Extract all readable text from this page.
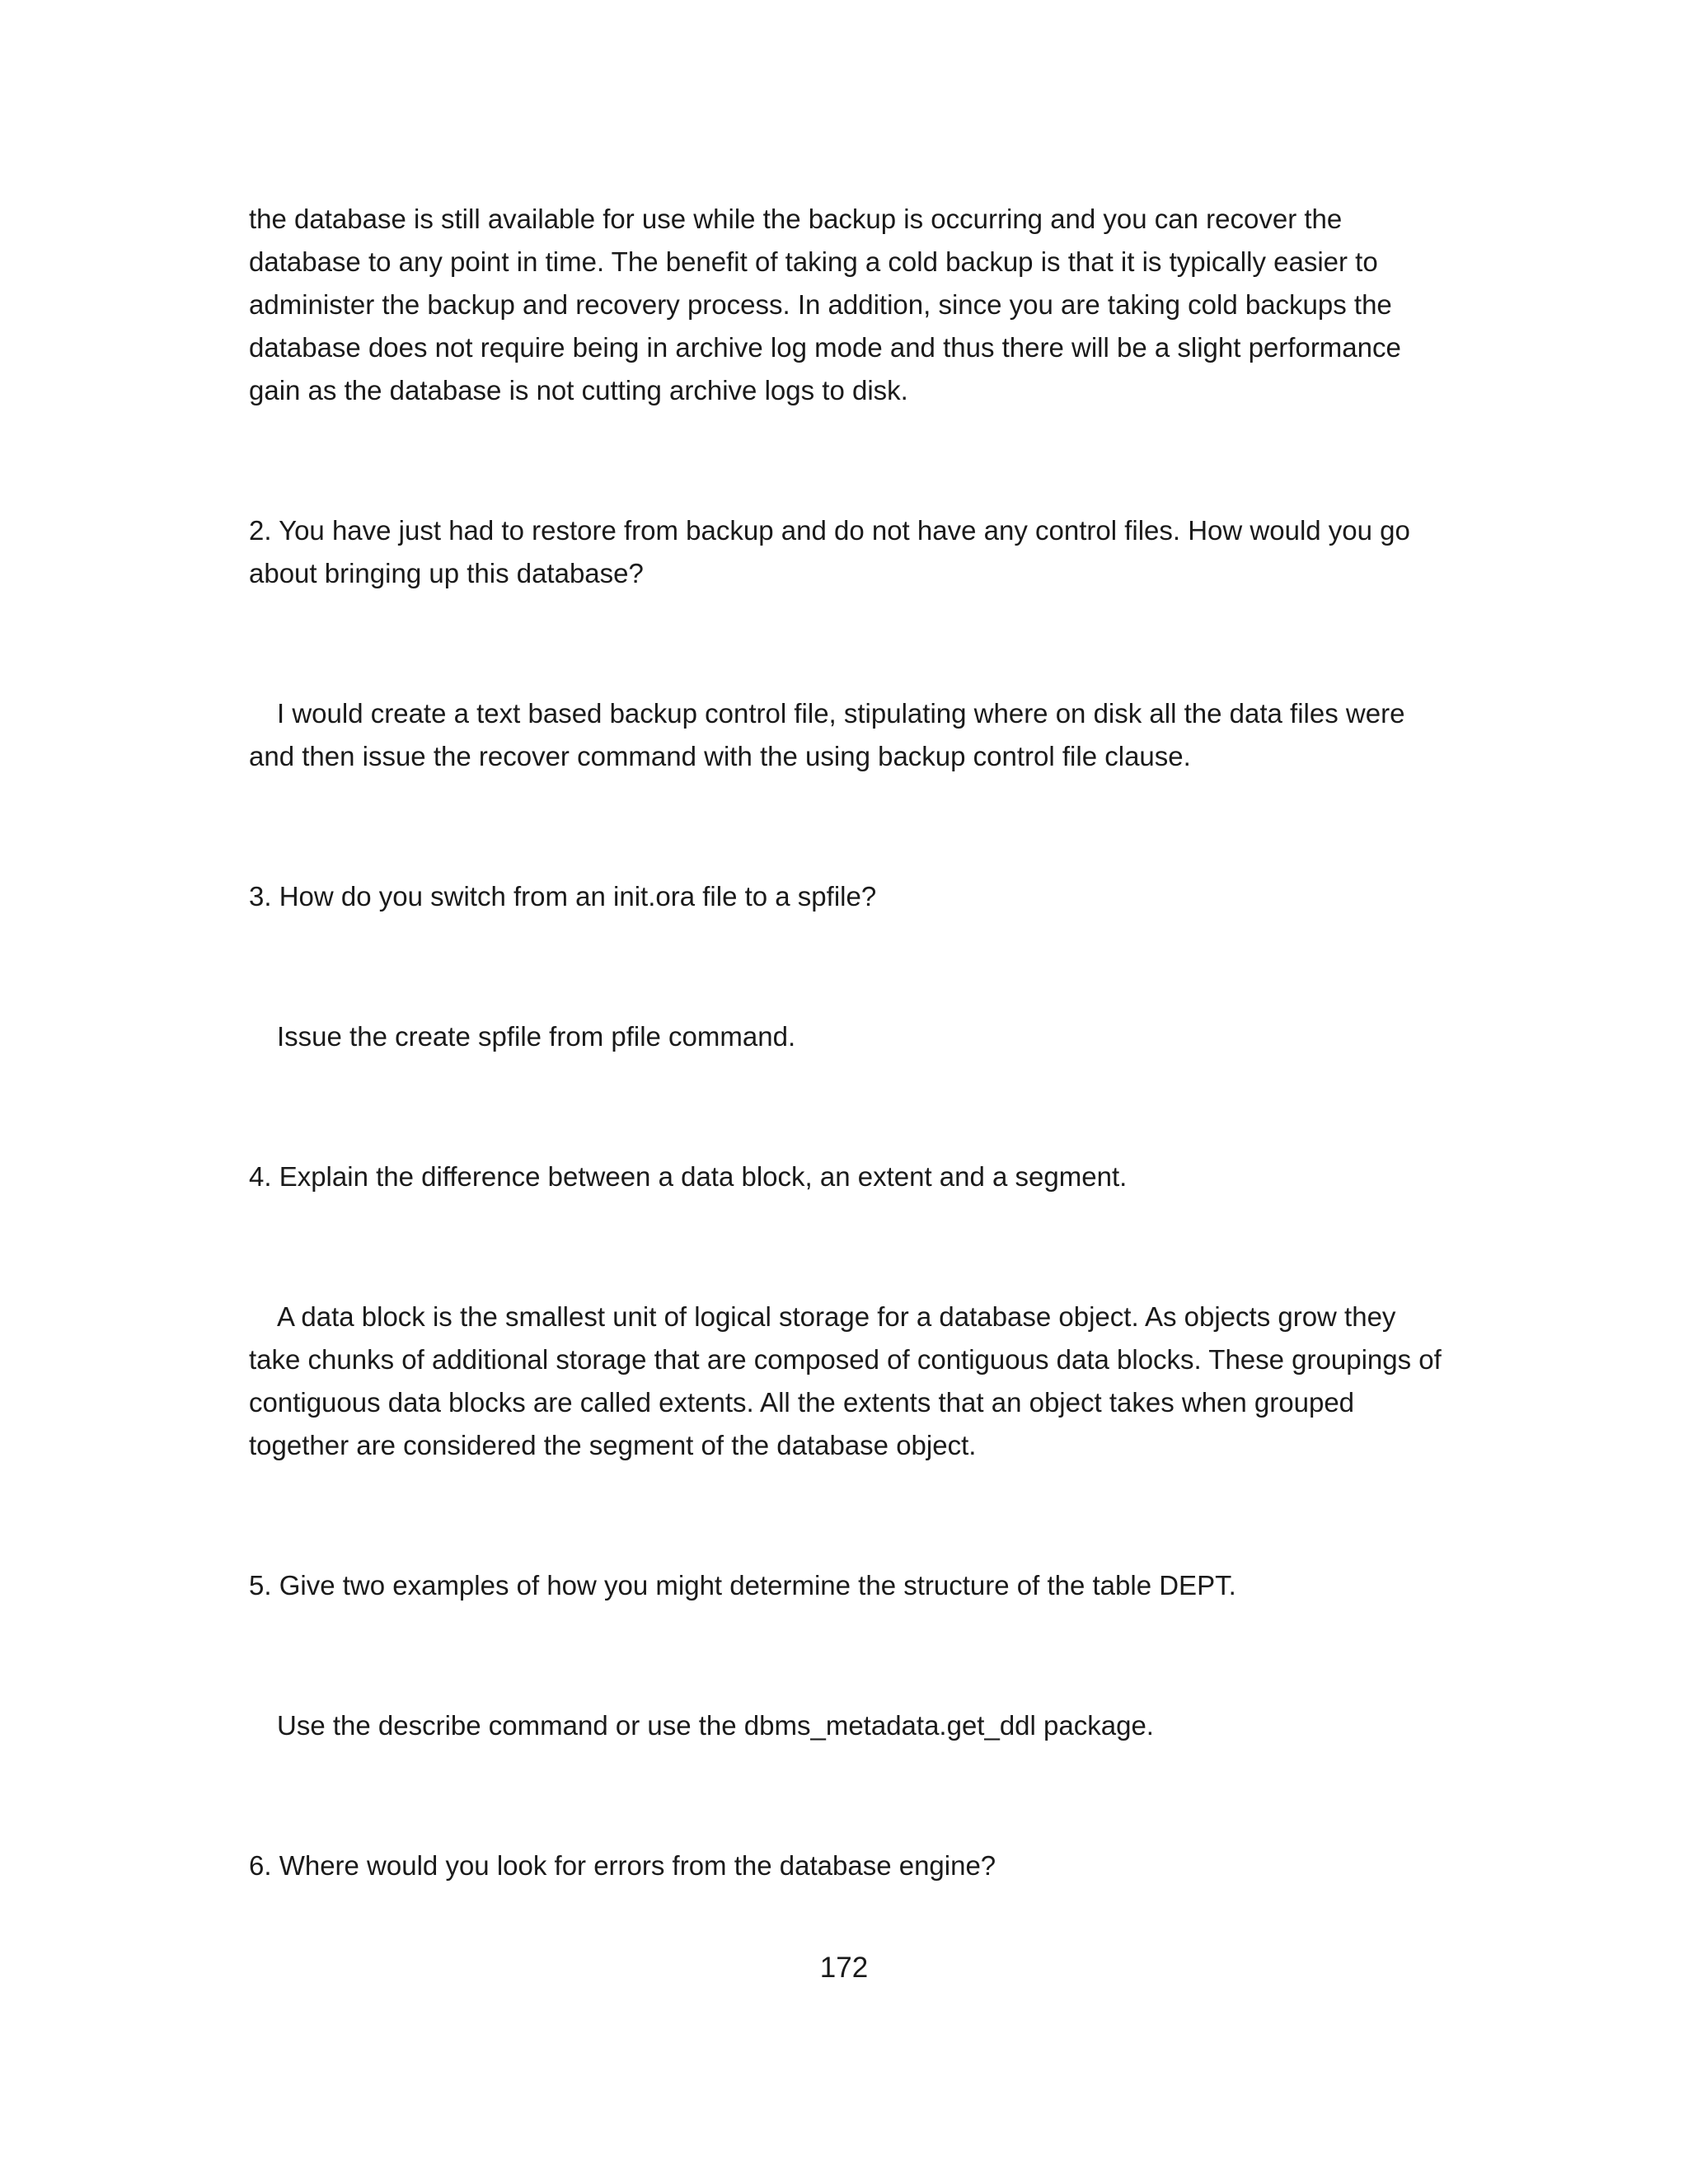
the database is still available for use while the backup is occurring and you can recover the database to any point in time. The benefit of taking a cold backup is that it is typically easier to administer the backup and recovery process. In addition, since you are taking cold backups the database does not require being in archive log mode and thus there will be a slight performance gain as the database is not cutting archive logs to disk.

2. You have just had to restore from backup and do not have any control files. How would you go about bringing up this database?

I would create a text based backup control file, stipulating where on disk all the data files were and then issue the recover command with the using backup control file clause.

3. How do you switch from an init.ora file to a spfile?

Issue the create spfile from pfile command.

4. Explain the difference between a data block, an extent and a segment.

A data block is the smallest unit of logical storage for a database object. As objects grow they take chunks of additional storage that are composed of contiguous data blocks. These groupings of contiguous data blocks are called extents. All the extents that an object takes when grouped together are considered the segment of the database object.

5. Give two examples of how you might determine the structure of the table DEPT.

Use the describe command or use the dbms_metadata.get_ddl package.

6. Where would you look for errors from the database engine?

172
